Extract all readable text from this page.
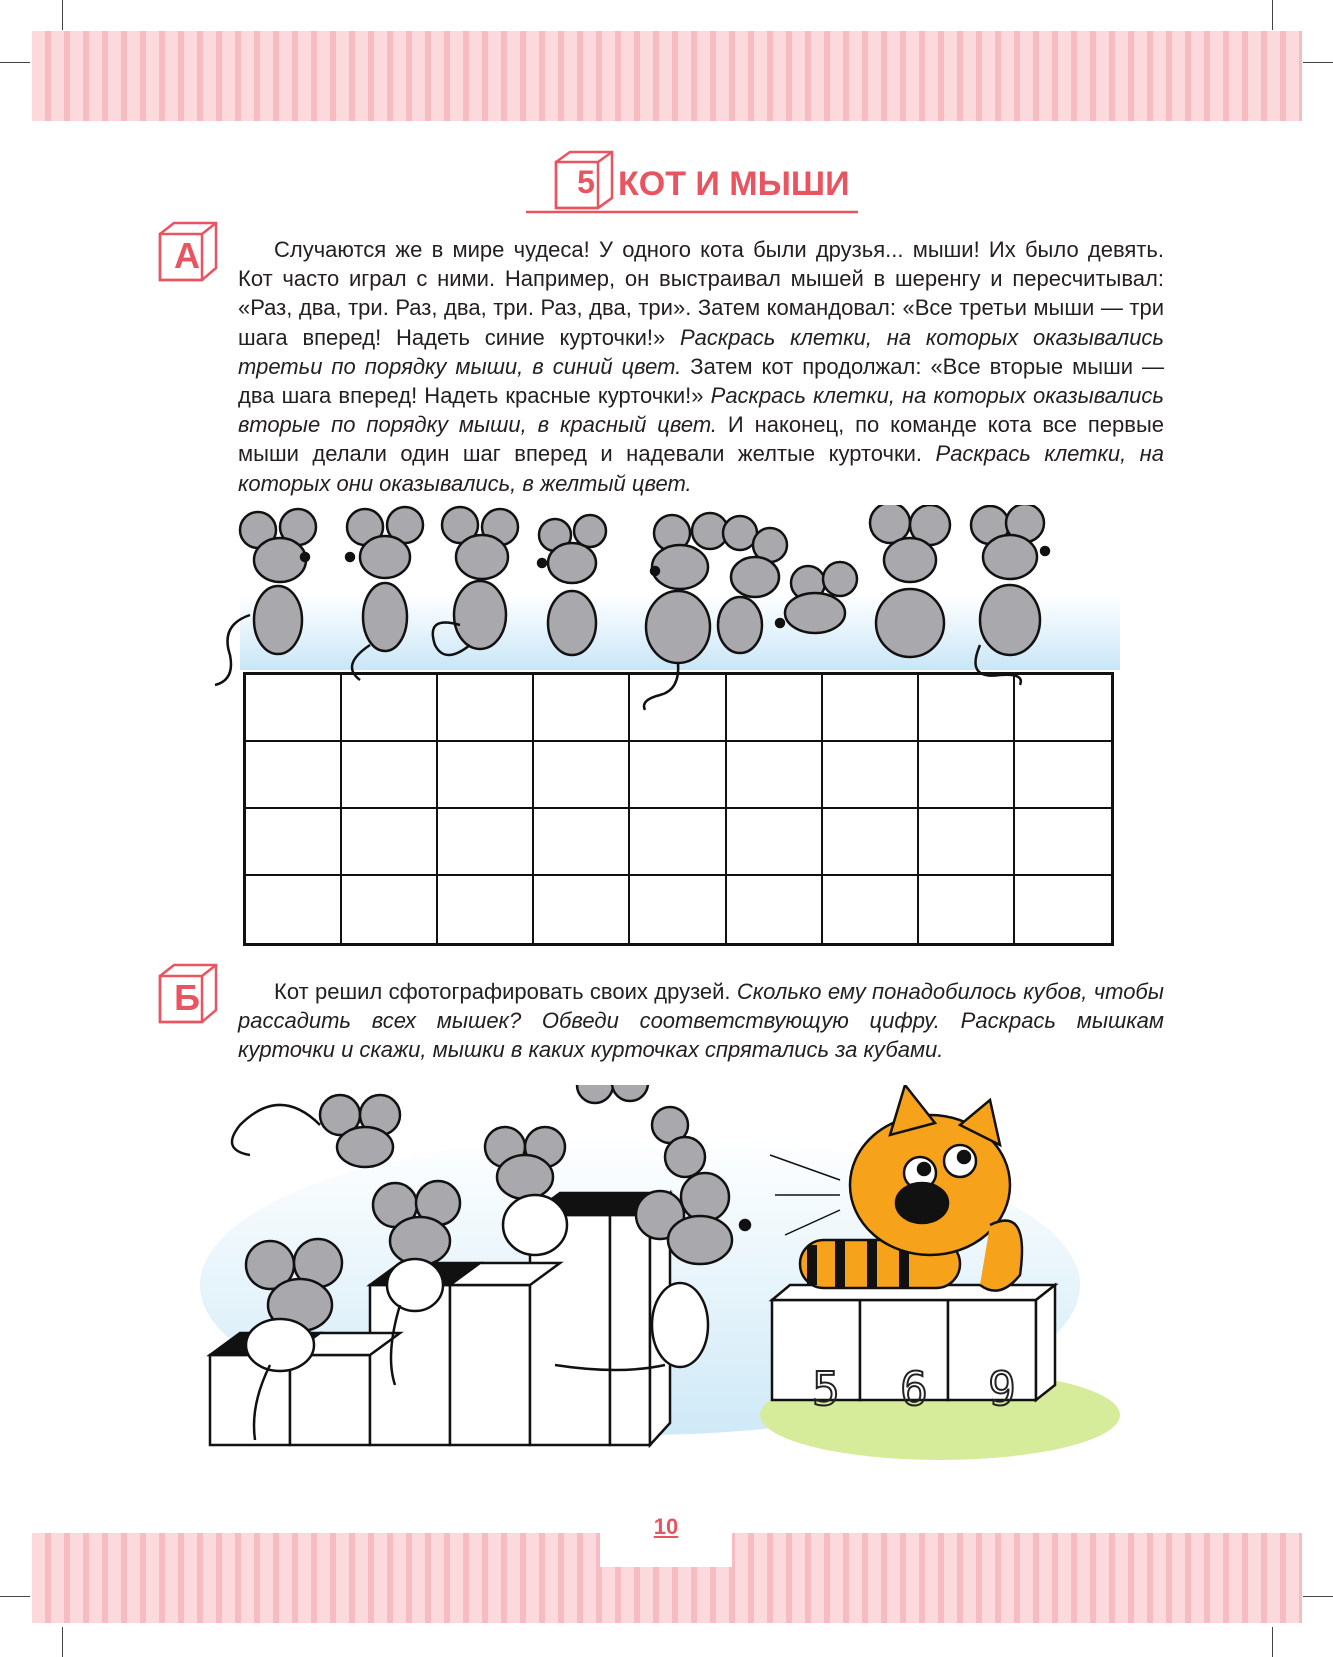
5 КОТ И МЫШИ
А	Случаются же в мире чудеса! У одного кота были друзья... мыши! Их было девять. Кот часто играл с ними. Например, он выстраивал мышей в шеренгу и пересчитывал: «Раз, два, три. Раз, два, три. Раз, два, три». Затем командовал: «Все третьи мыши — три шага вперед! Надеть синие курточки!» Раскрась клетки, на которых оказывались третьи по порядку мыши, в синий цвет. Затем кот продолжал: «Все вторые мыши — два шага вперед! Надеть красные курточки!» Раскрась клетки, на которых оказывались вторые по порядку мыши, в красный цвет. И наконец, по команде кота все первые мыши делали один шаг вперед и надевали желтые курточки. Раскрась клетки, на которых они оказывались, в желтый цвет.
Б	Кот решил сфотографировать своих друзей. Сколько ему понадобилось кубов, чтобы рассадить всех мышек? Обведи соответствующую цифру. Раскрась мышкам курточки и скажи, мышки в каких курточках спрятались за кубами.
5	6	9
10
